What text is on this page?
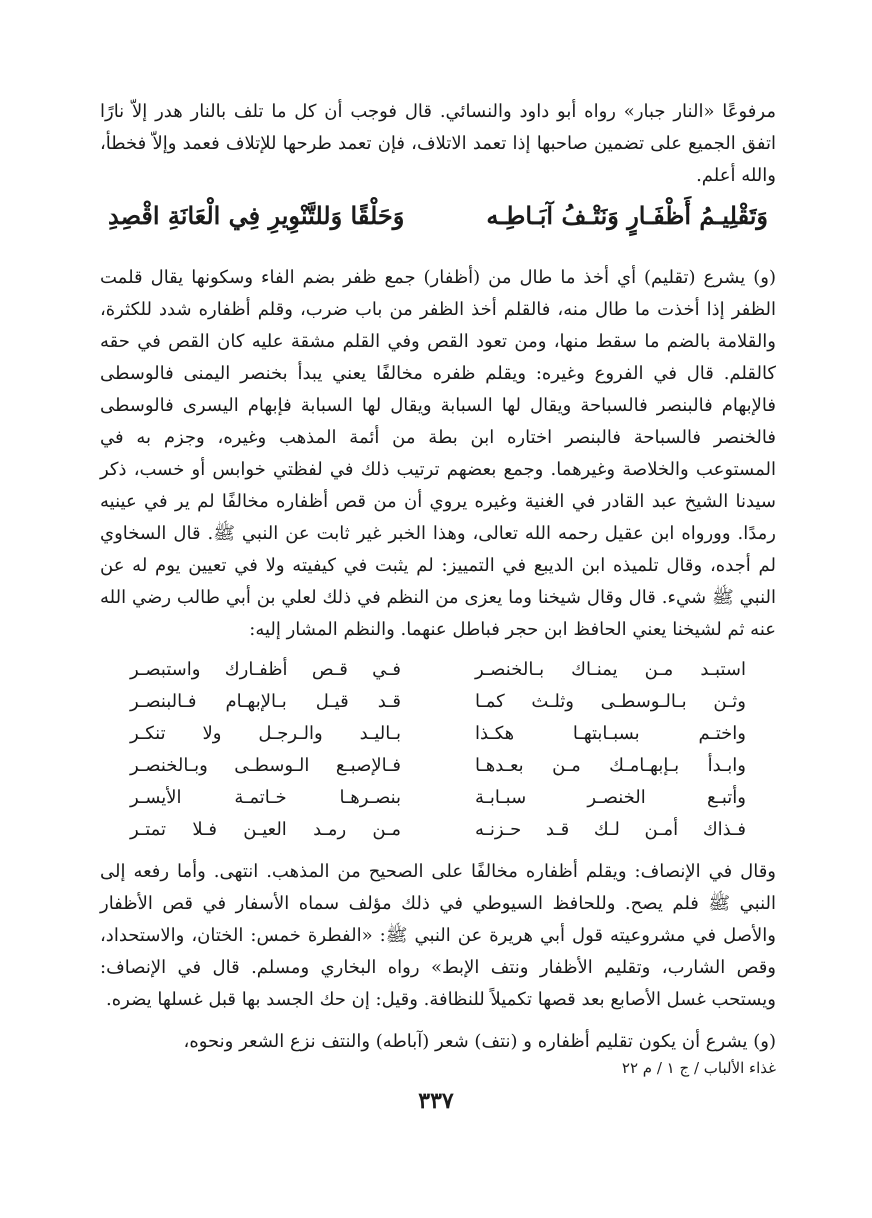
مرفوعًا «النار جبار» رواه أبو داود والنسائي. قال فوجب أن كل ما تلف بالنار هدر إلاّ نارًا اتفق الجميع على تضمين صاحبها إذا تعمد الاتلاف، فإن تعمد طرحها للإتلاف فعمد وإلاّ فخطأ، والله أعلم.

وَتَقْلِيـمُ أَظْفَـارٍ وَنَتْـفُ آبَـاطِـه
وَحَلْقًا وَللتَّنْوِيرِ فِي الْعَانَةِ اقْصِدِ

(و) يشرع (تقليم) أي أخذ ما طال من (أظفار) جمع ظفر بضم الفاء وسكونها يقال قلمت الظفر إذا أخذت ما طال منه، فالقلم أخذ الظفر من باب ضرب، وقلم أظفاره شدد للكثرة، والقلامة بالضم ما سقط منها، ومن تعود القص وفي القلم مشقة عليه كان القص في حقه كالقلم. قال في الفروع وغيره: ويقلم ظفره مخالفًا يعني يبدأ بخنصر اليمنى فالوسطى فالإبهام فالبنصر فالسباحة ويقال لها السبابة ويقال لها السبابة فإبهام اليسرى فالوسطى فالخنصر فالسباحة فالبنصر اختاره ابن بطة من أئمة المذهب وغيره، وجزم به في المستوعب والخلاصة وغيرهما. وجمع بعضهم ترتيب ذلك في لفظتي خوابس أو خسب، ذكر سيدنا الشيخ عبد القادر في الغنية وغيره يروي أن من قص أظفاره مخالفًا لم ير في عينيه رمدًا. وورواه ابن عقيل رحمه الله تعالى، وهذا الخبر غير ثابت عن النبي ﷺ. قال السخاوي لم أجده، وقال تلميذه ابن الديبع في التمييز: لم يثبت في كيفيته ولا في تعيين يوم له عن النبي ﷺ شيء. قال وقال شيخنا وما يعزى من النظم في ذلك لعلي بن أبي طالب رضي الله عنه ثم لشيخنا يعني الحافظ ابن حجر فباطل عنهما. والنظم المشار إليه:

استبـد مـن يمنـاك بـالخنصـر
فـي قـص أظفـارك واستبصـر
وثـن بـالـوسطـى وثلـث كمـا
قـد قيـل بـالإبهـام فـالبنصـر
واختـم بسبـابتهـا هكـذا
بـاليـد والـرجـل ولا تنكـر
وابـدأ بـإبهـامـك مـن بعـدهـا
فـالإصبـع الـوسطـى وبـالخنصـر
وأتبـع الخنصـر سبـابـة
بنصـرهـا خـاتمـة الأيسـر
فـذاك أمـن لـك قـد حـزنـه
مـن رمـد العيـن فـلا تمتـر

وقال في الإنصاف: ويقلم أظفاره مخالفًا على الصحيح من المذهب. انتهى. وأما رفعه إلى النبي ﷺ فلم يصح. وللحافظ السيوطي في ذلك مؤلف سماه الأسفار في قص الأظفار والأصل في مشروعيته قول أبي هريرة عن النبي ﷺ: «الفطرة خمس: الختان، والاستحداد، وقص الشارب، وتقليم الأظفار ونتف الإبط» رواه البخاري ومسلم. قال في الإنصاف: ويستحب غسل الأصابع بعد قصها تكميلاً للنظافة. وقيل: إن حك الجسد بها قبل غسلها يضره.

(و) يشرع أن يكون تقليم أظفاره و (نتف) شعر (آباطه) والنتف نزع الشعر ونحوه،

غذاء الألباب / ج ١ / م ٢٢
٣٣٧
